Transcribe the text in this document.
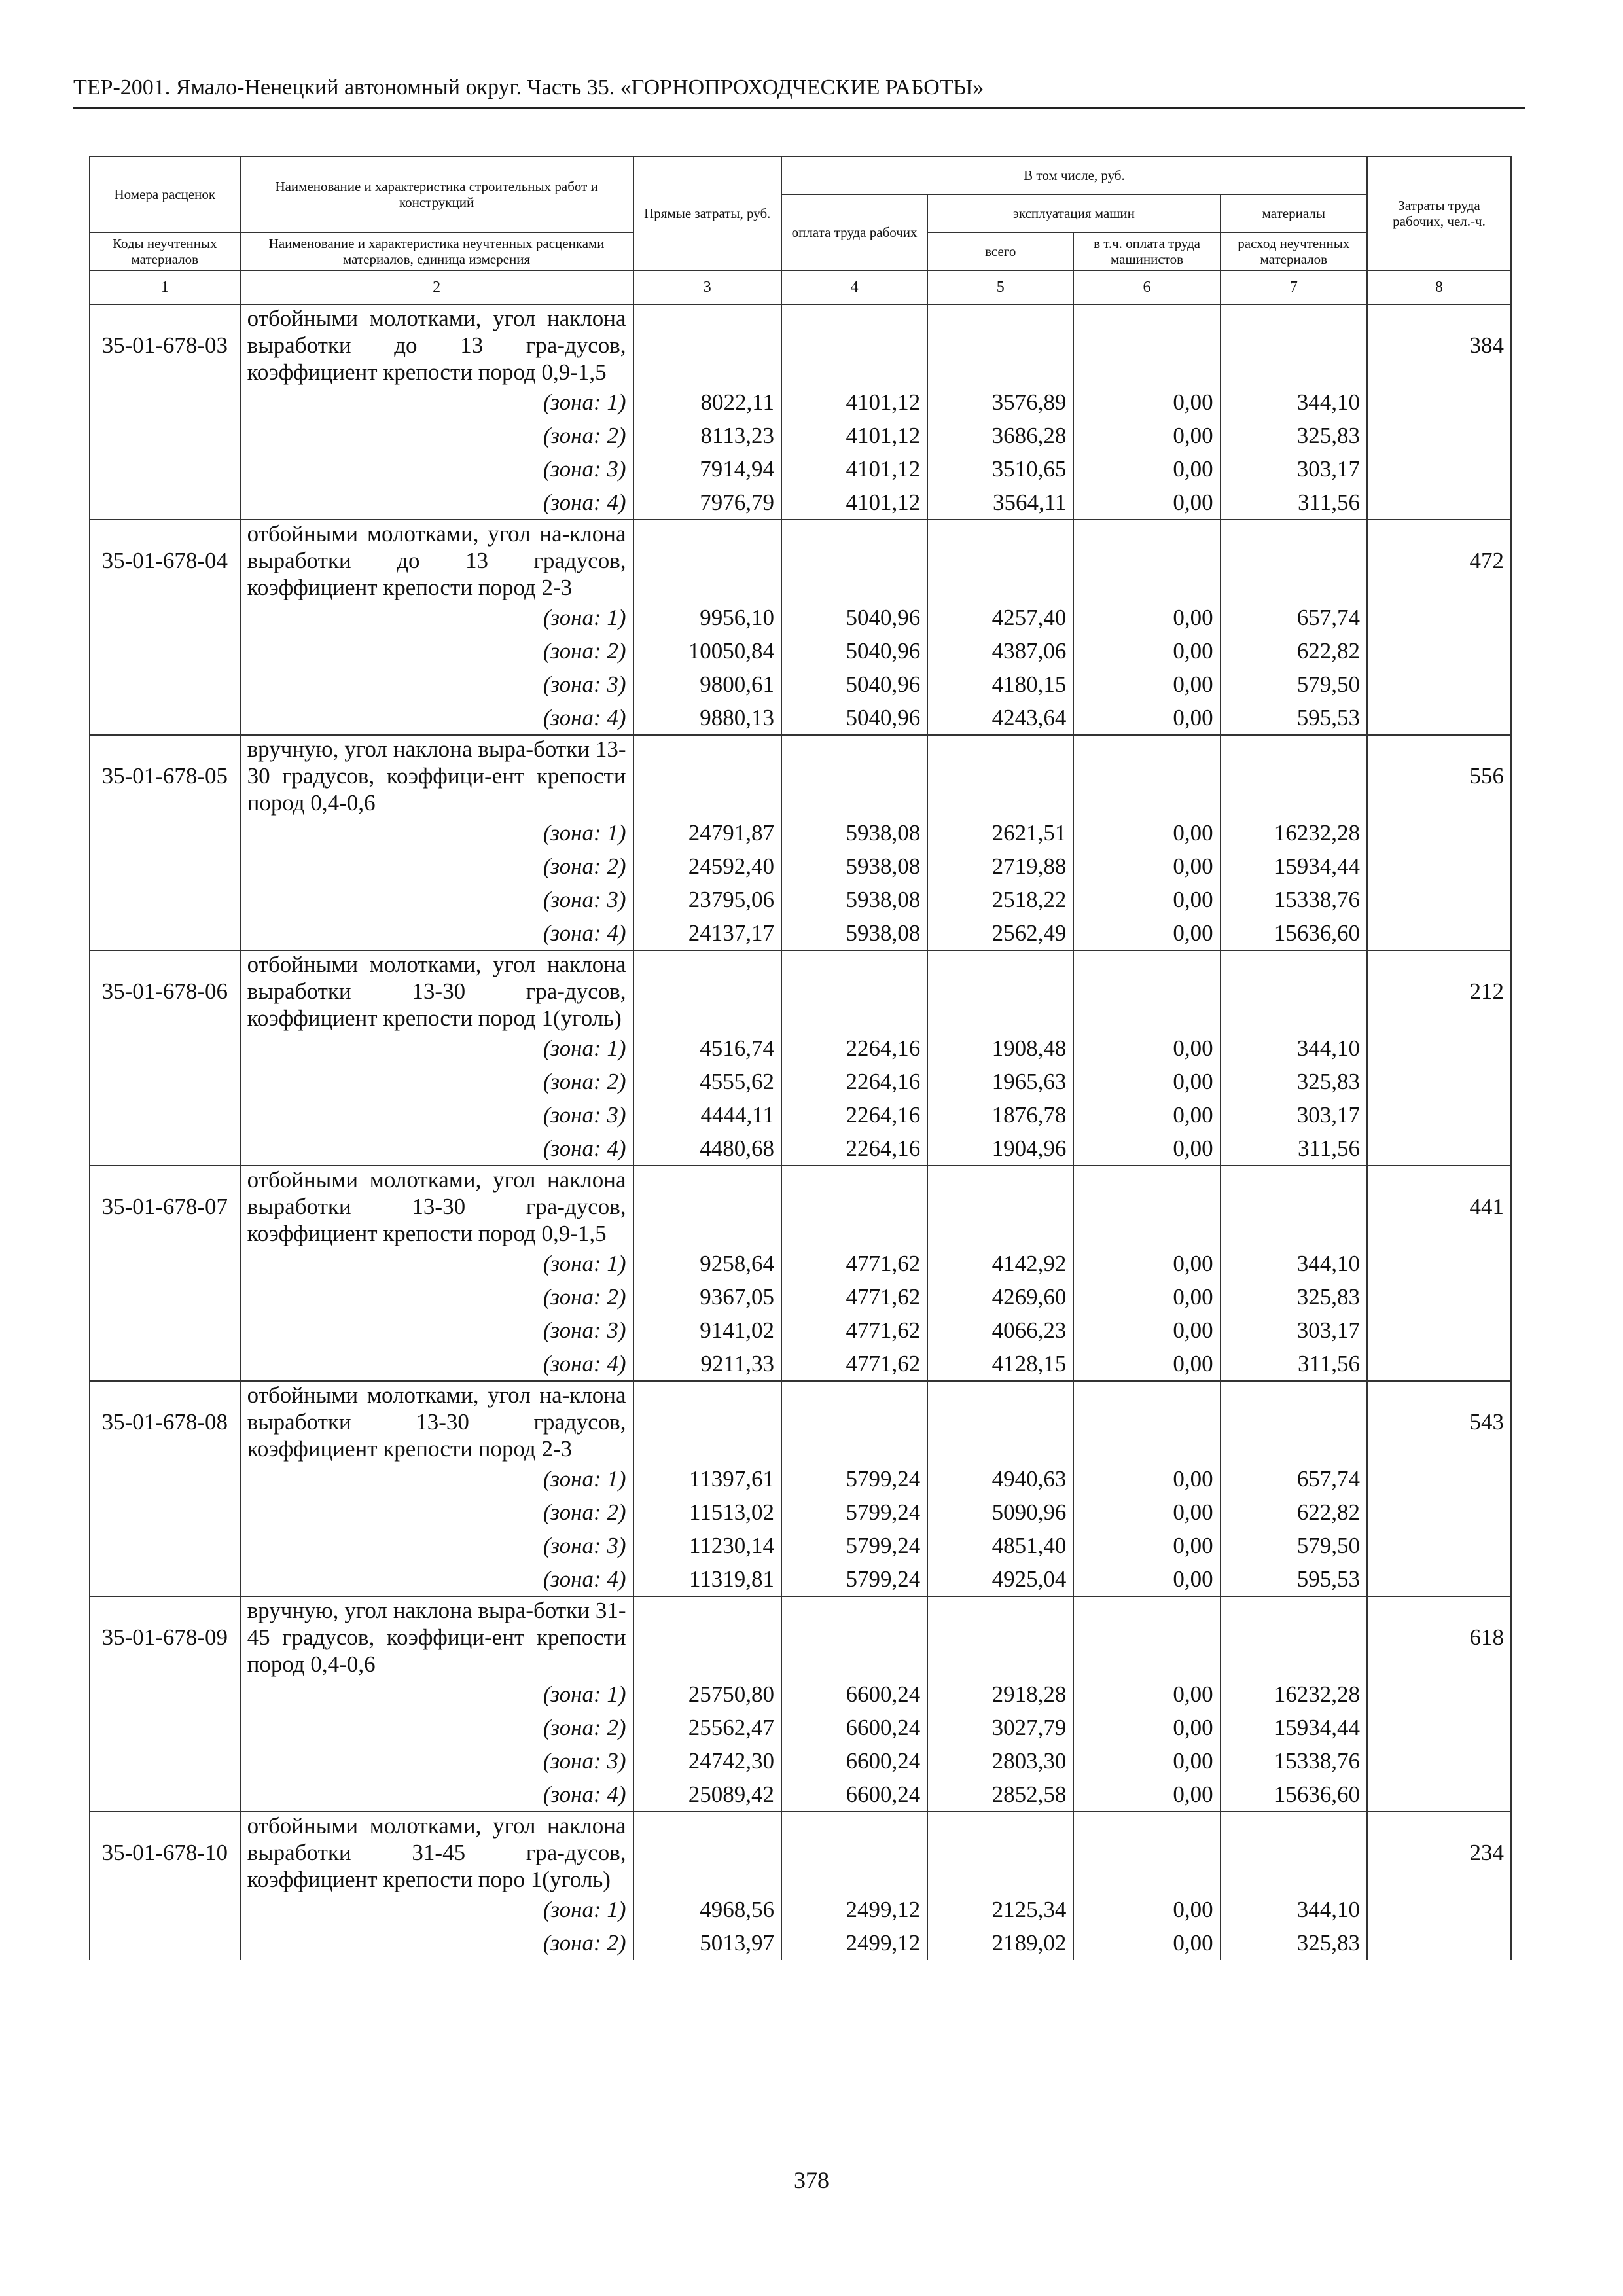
ТЕР-2001. Ямало-Ненецкий автономный округ. Часть 35. «ГОРНОПРОХОДЧЕСКИЕ РАБОТЫ»
Номера расценок	Наименование и характеристика строительных работ и конструкций	Прямые затраты, руб.	В том числе, руб.				Затраты труда рабочих, чел.-ч.
			оплата труда рабочих	эксплуатация машин		материалы	
Коды неучтенных материалов	Наименование и характеристика неучтенных расценками материалов, единица измерения			всего	в т.ч. оплата труда машинистов	расход неучтенных материалов	
1	2	3	4	5	6	7	8
35-01-678-03	отбойными молотками, угол наклона выработки до 13 гра-дусов, коэффициент крепости пород 0,9-1,5						384
	(зона: 1)	8022,11	4101,12	3576,89	0,00	344,10	
	(зона: 2)	8113,23	4101,12	3686,28	0,00	325,83	
	(зона: 3)	7914,94	4101,12	3510,65	0,00	303,17	
	(зона: 4)	7976,79	4101,12	3564,11	0,00	311,56	
35-01-678-04	отбойными молотками, угол на-клона выработки до 13 градусов, коэффициент крепости пород 2-3						472
	(зона: 1)	9956,10	5040,96	4257,40	0,00	657,74	
	(зона: 2)	10050,84	5040,96	4387,06	0,00	622,82	
	(зона: 3)	9800,61	5040,96	4180,15	0,00	579,50	
	(зона: 4)	9880,13	5040,96	4243,64	0,00	595,53	
35-01-678-05	вручную, угол наклона выра-ботки 13-30 градусов, коэффици-ент крепости пород 0,4-0,6						556
	(зона: 1)	24791,87	5938,08	2621,51	0,00	16232,28	
	(зона: 2)	24592,40	5938,08	2719,88	0,00	15934,44	
	(зона: 3)	23795,06	5938,08	2518,22	0,00	15338,76	
	(зона: 4)	24137,17	5938,08	2562,49	0,00	15636,60	
35-01-678-06	отбойными молотками, угол наклона выработки 13-30 гра-дусов, коэффициент крепости пород 1(уголь)						212
	(зона: 1)	4516,74	2264,16	1908,48	0,00	344,10	
	(зона: 2)	4555,62	2264,16	1965,63	0,00	325,83	
	(зона: 3)	4444,11	2264,16	1876,78	0,00	303,17	
	(зона: 4)	4480,68	2264,16	1904,96	0,00	311,56	
35-01-678-07	отбойными молотками, угол наклона выработки 13-30 гра-дусов, коэффициент крепости пород 0,9-1,5						441
	(зона: 1)	9258,64	4771,62	4142,92	0,00	344,10	
	(зона: 2)	9367,05	4771,62	4269,60	0,00	325,83	
	(зона: 3)	9141,02	4771,62	4066,23	0,00	303,17	
	(зона: 4)	9211,33	4771,62	4128,15	0,00	311,56	
35-01-678-08	отбойными молотками, угол на-клона выработки 13-30 градусов, коэффициент крепости пород 2-3						543
	(зона: 1)	11397,61	5799,24	4940,63	0,00	657,74	
	(зона: 2)	11513,02	5799,24	5090,96	0,00	622,82	
	(зона: 3)	11230,14	5799,24	4851,40	0,00	579,50	
	(зона: 4)	11319,81	5799,24	4925,04	0,00	595,53	
35-01-678-09	вручную, угол наклона выра-ботки 31-45 градусов, коэффици-ент крепости пород 0,4-0,6						618
	(зона: 1)	25750,80	6600,24	2918,28	0,00	16232,28	
	(зона: 2)	25562,47	6600,24	3027,79	0,00	15934,44	
	(зона: 3)	24742,30	6600,24	2803,30	0,00	15338,76	
	(зона: 4)	25089,42	6600,24	2852,58	0,00	15636,60	
35-01-678-10	отбойными молотками, угол наклона выработки 31-45 гра-дусов, коэффициент крепости поро 1(уголь)						234
	(зона: 1)	4968,56	2499,12	2125,34	0,00	344,10	
	(зона: 2)	5013,97	2499,12	2189,02	0,00	325,83	
378
